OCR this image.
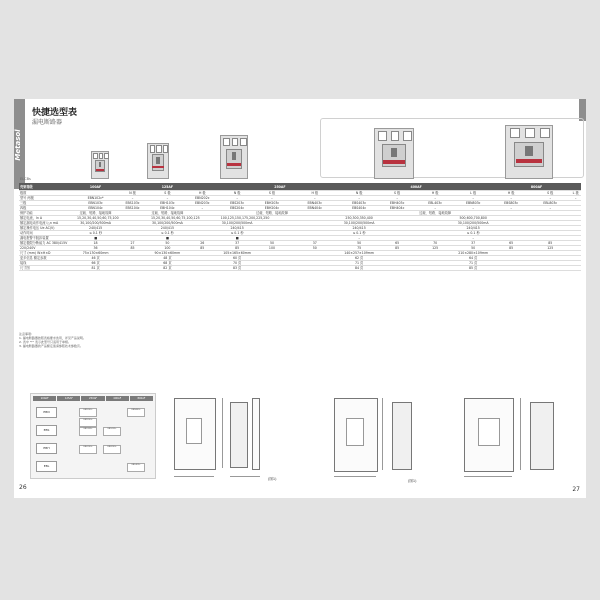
Metasol
快捷选型表
漏电断路器
ELCBs
壳架等级	100AF	125AF			250AF			400AF				800AF		
极数		N 极	S 极	H 极	N 极	S 极	H 极	N 极	S 极	H 极	L 极	H 极	S 极	L 极
型号 两极	EBN102c*	–	–	EBN202c	–	–	–	–	–	–	–	–	–	–
三极	EBN103c	EBS103c	EBH103c	EBN203c	EBS203c	EBH203c	EBN403c	EBS403c	EBH403c	EBL403c	EBN803c	EBS803c	EBL803c	
四极	EBN104c	EBS104c	EBH104c	–	EBS204c	EBH204c	EBN404c	EBS404c	EBH404c	–	–	–	–	
保护功能	过载、短路、接地故障		过载、短路、接地故障			过载、短路、接地故障				过载、短路、接地故障				
额定电流，In A	15,20,30,40,50,60,75,100		15,20,30,40,50,60,75,100,125		100,125,150,175,200,225,250			250,300,350,400			500,600,700,800			
额定漏电动作电流 I△n mA	30,100/200/500mA		30,100/200/500mA		30,100/200/500mA			30,100/200/500mA			30,100/200/500mA			
额定操作电压 Ue AC(V)	240/415		240/415		240/415			240/415			240/415			
动作时间	≤ 0.1 秒		≤ 0.1 秒		≤ 0.1 秒			≤ 0.1 秒			≤ 0.1 秒			
漏电报警不脱扣装置	■		■		■			–			–			
额定极限分断能力 AC 380/415V	18	27	50	26	37	50	37	50	65	70	37	65	85	
220/240V	36	85	100	85	85	100	50	75	85	125	50	85	125	
尺寸 (mm) W×H×D	75×130×60mm		90×130×60mm		105×165×60mm			140×257×109mm			210×280×109mm			
更多信息 额定参数	46 页		48 页		60 页			62 页			64 页			
接线	66 页		68 页		70 页			71 页			71 页			
尺寸图	81 页		82 页		83 页			84 页			85 页			
注意事项：
1. 漏电断路器按照表格要求选用，详见产品说明。
2. 表中 "*" 表示此型号只适用于单相。
3. 漏电断路器的产品额定值请参照技术参数页。
100AF	125AF	250AF	400AF	800AF
EBN
EBS
EBH
EBL
EBN102c
EBN103c
EBS103c	EBS203c
EBH103c	EBH203c
EBN403c
EBL403c
(图1)	(图1)
26	27
